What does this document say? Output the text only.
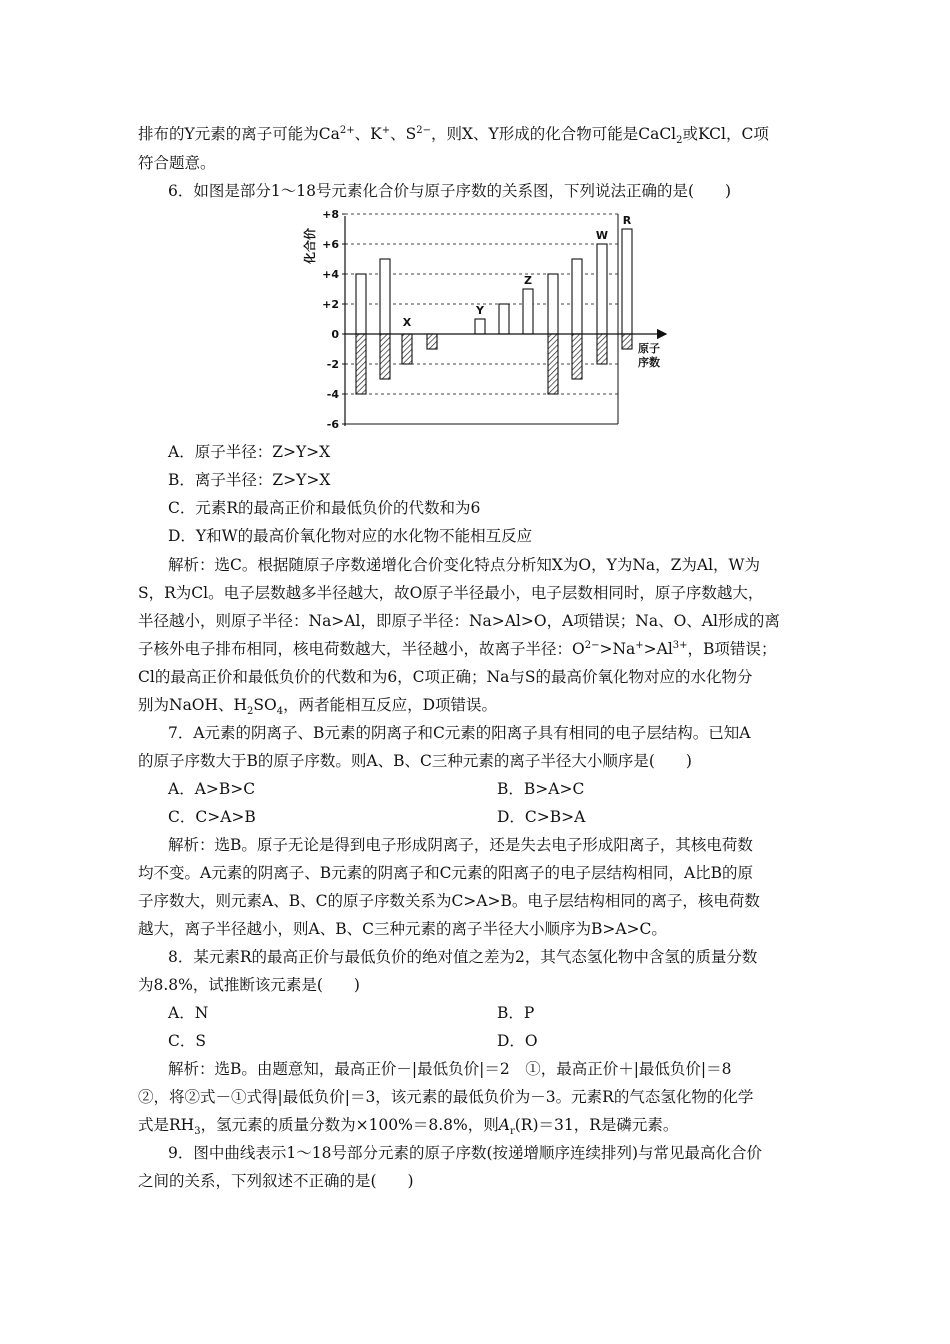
排布的Y元素的离子可能为$Ca^{2+}$、K+、$S^{2-}$，则X、Y形成的化合物可能是CaCl$_2$或KCl，C项
符合题意。
6．如图是部分1～18号元素化合价与原子序数的关系图，下列说法正确的是(　　)
+8
+6
+4
+2
0
-2
-4
-6
Y
Z
W
R
X
化合价
原子
序数
A．原子半径：Z>Y>X
B．离子半径：Z>Y>X
C．元素R的最高正价和最低负价的代数和为6
D．Y和W的最高价氧化物对应的水化物不能相互反应
解析：选C。根据随原子序数递增化合价变化特点分析知X为O，Y为Na，Z为Al，W为
S，R为Cl。电子层数越多半径越大，故O原子半径最小，电子层数相同时，原子序数越大，
半径越小，则原子半径：Na>Al，即原子半径：Na>Al>O，A项错误；Na、O、Al形成的离
子核外电子排布相同，核电荷数越大，半径越小，故离子半径：$O^{2-}>Na^+>Al^{3+}$，B项错误；
Cl的最高正价和最低负价的代数和为6，C项正确；Na与S的最高价氧化物对应的水化物分
别为NaOH、$H_2SO_4$，两者能相互反应，D项错误。
7．A元素的阴离子、B元素的阴离子和C元素的阳离子具有相同的电子层结构。已知A
的原子序数大于B的原子序数。则A、B、C三种元素的离子半径大小顺序是(　　)
A．A>B>C	B．B>A>C
C．C>A>B	D．C>B>A
解析：选B。原子无论是得到电子形成阴离子，还是失去电子形成阳离子，其核电荷数
均不变。A元素的阴离子、B元素的阴离子和C元素的阳离子的电子层结构相同，A比B的原
子序数大，则元素A、B、C的原子序数关系为C>A>B。电子层结构相同的离子，核电荷数
越大，离子半径越小，则A、B、C三种元素的离子半径大小顺序为B>A>C。
8．某元素R的最高正价与最低负价的绝对值之差为2，其气态氢化物中含氢的质量分数
为8.8%，试推断该元素是(　　)
A．N	B．P
C．S	D．O
解析：选B。由题意知，最高正价－|最低负价|＝2　①，最高正价＋|最低负价|＝8
②，将②式－①式得|最低负价|＝3，该元素的最低负价为－3。元素R的气态氢化物的化学
式是$RH_3$，氢元素的质量分数为×100%＝8.8%，则$A_r(R)=31$，R是磷元素。
9．图中曲线表示1～18号部分元素的原子序数(按递增顺序连续排列)与常见最高化合价
之间的关系，下列叙述不正确的是(　　)
